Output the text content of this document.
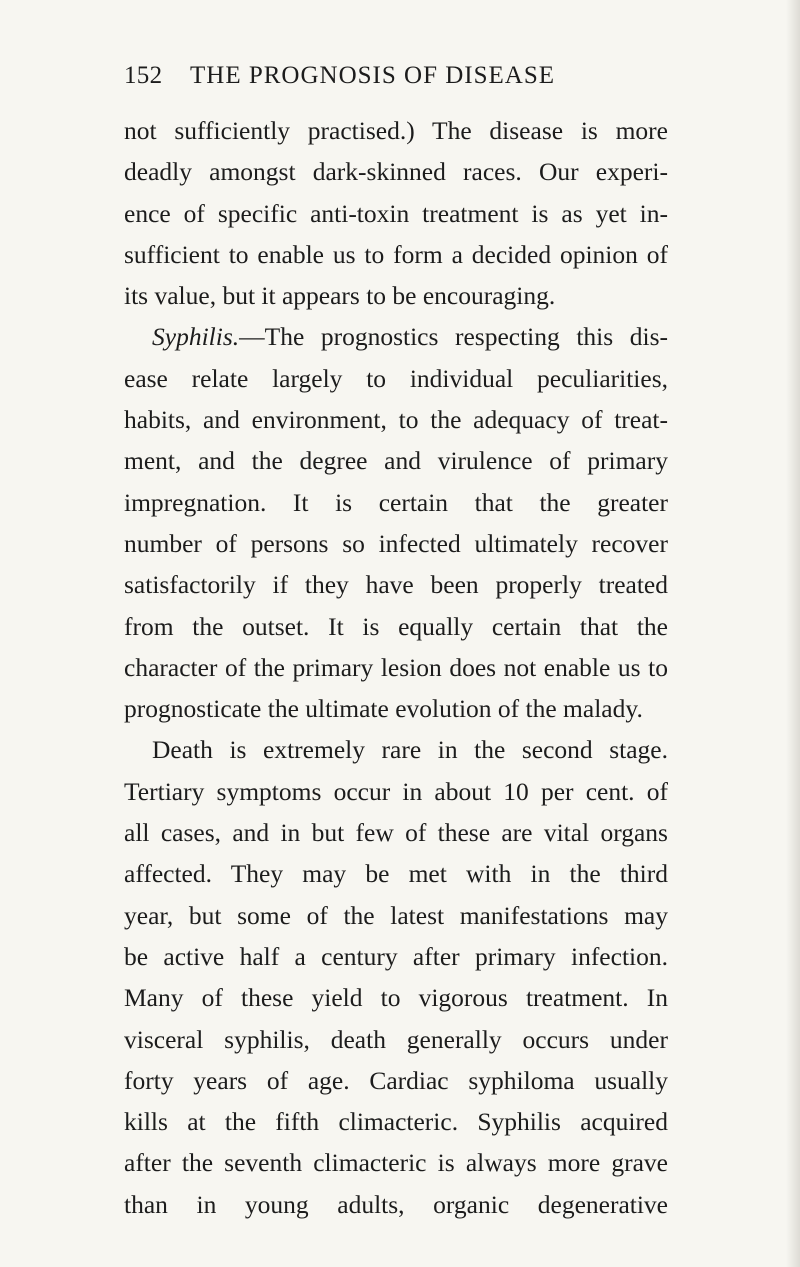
152	THE PROGNOSIS OF DISEASE
not sufficiently practised.) The disease is more
deadly amongst dark-skinned races. Our experi-
ence of specific anti-toxin treatment is as yet in-
sufficient to enable us to form a decided opinion of
its value, but it appears to be encouraging.
Syphilis.—The prognostics respecting this dis-
ease relate largely to individual peculiarities,
habits, and environment, to the adequacy of treat-
ment, and the degree and virulence of primary
impregnation. It is certain that the greater
number of persons so infected ultimately recover
satisfactorily if they have been properly treated
from the outset. It is equally certain that the
character of the primary lesion does not enable us to
prognosticate the ultimate evolution of the malady.
Death is extremely rare in the second stage.
Tertiary symptoms occur in about 10 per cent. of
all cases, and in but few of these are vital organs
affected. They may be met with in the third
year, but some of the latest manifestations may
be active half a century after primary infection.
Many of these yield to vigorous treatment. In
visceral syphilis, death generally occurs under
forty years of age. Cardiac syphiloma usually
kills at the fifth climacteric. Syphilis acquired
after the seventh climacteric is always more grave
than in young adults, organic degenerative
